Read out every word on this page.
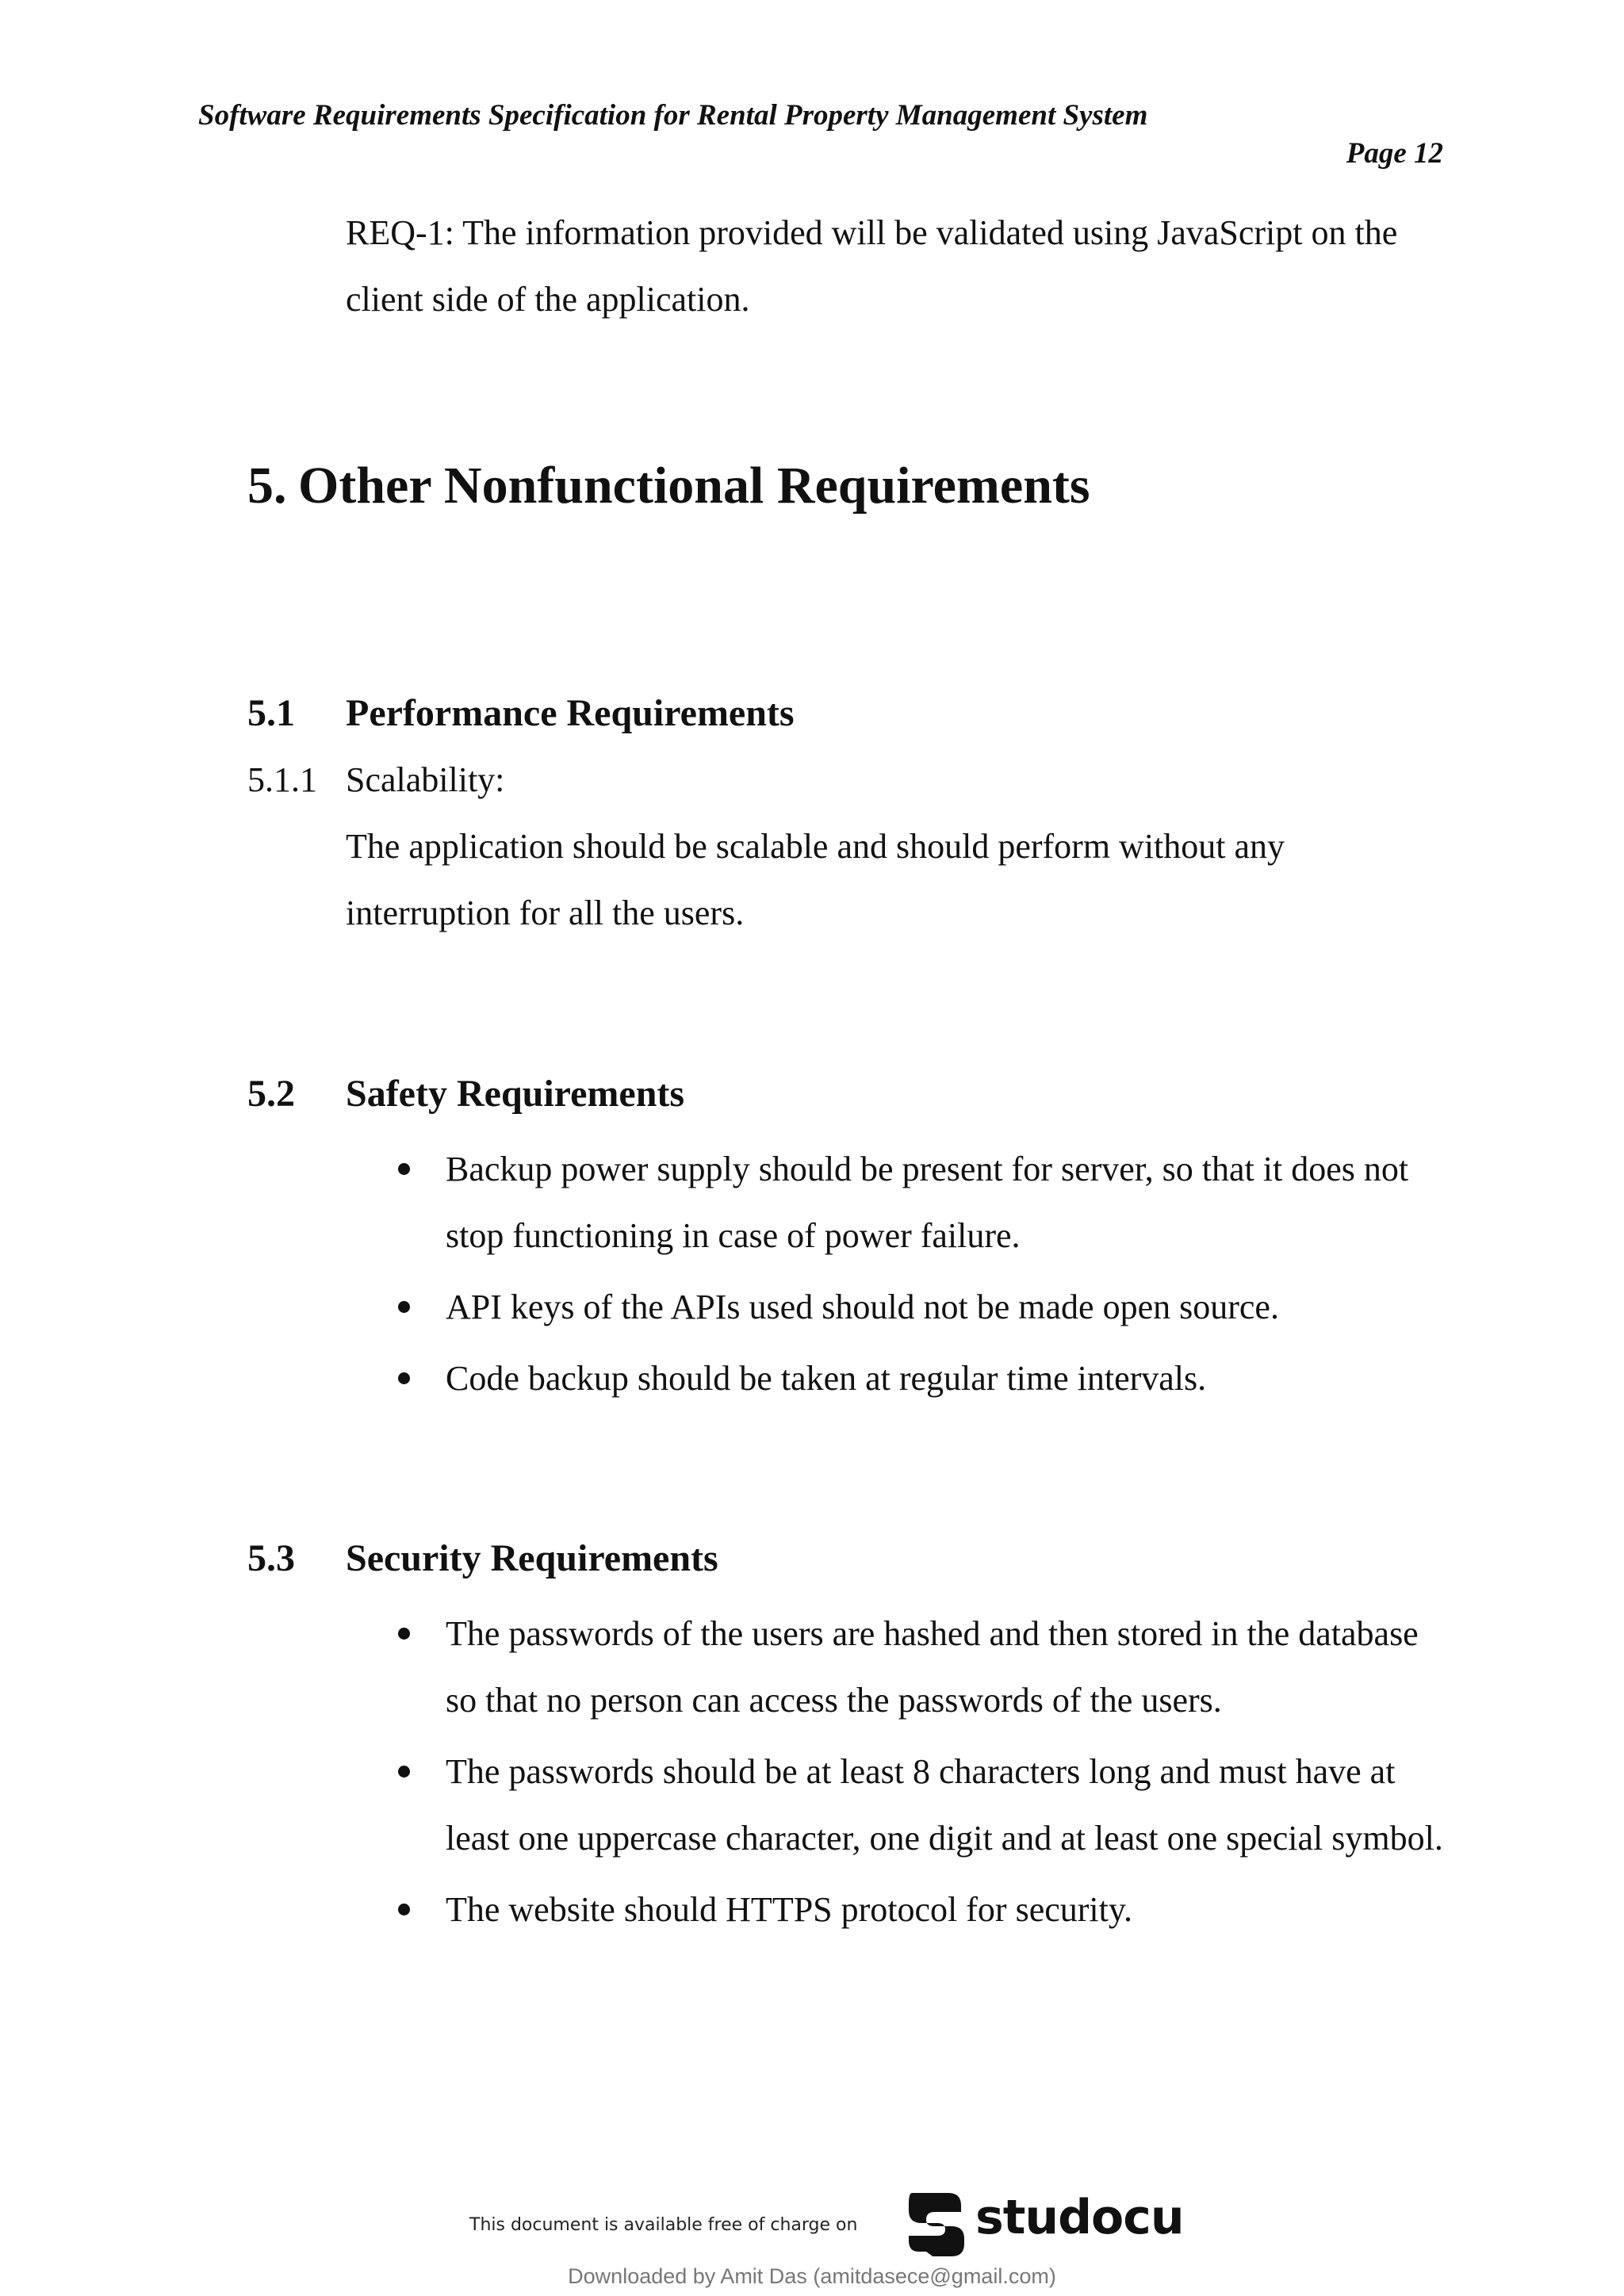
Software Requirements Specification for Rental Property Management System
Page 12
REQ-1: The information provided will be validated using JavaScript on the client side of the application.
5. Other Nonfunctional Requirements
5.1 Performance Requirements
5.1.1 Scalability:
The application should be scalable and should perform without any interruption for all the users.
5.2 Safety Requirements
Backup power supply should be present for server, so that it does not stop functioning in case of power failure.
API keys of the APIs used should not be made open source.
Code backup should be taken at regular time intervals.
5.3 Security Requirements
The passwords of the users are hashed and then stored in the database so that no person can access the passwords of the users.
The passwords should be at least 8 characters long and must have at least one uppercase character, one digit and at least one special symbol.
The website should HTTPS protocol for security.
This document is available free of charge on studocu
Downloaded by Amit Das (amitdasece@gmail.com)
